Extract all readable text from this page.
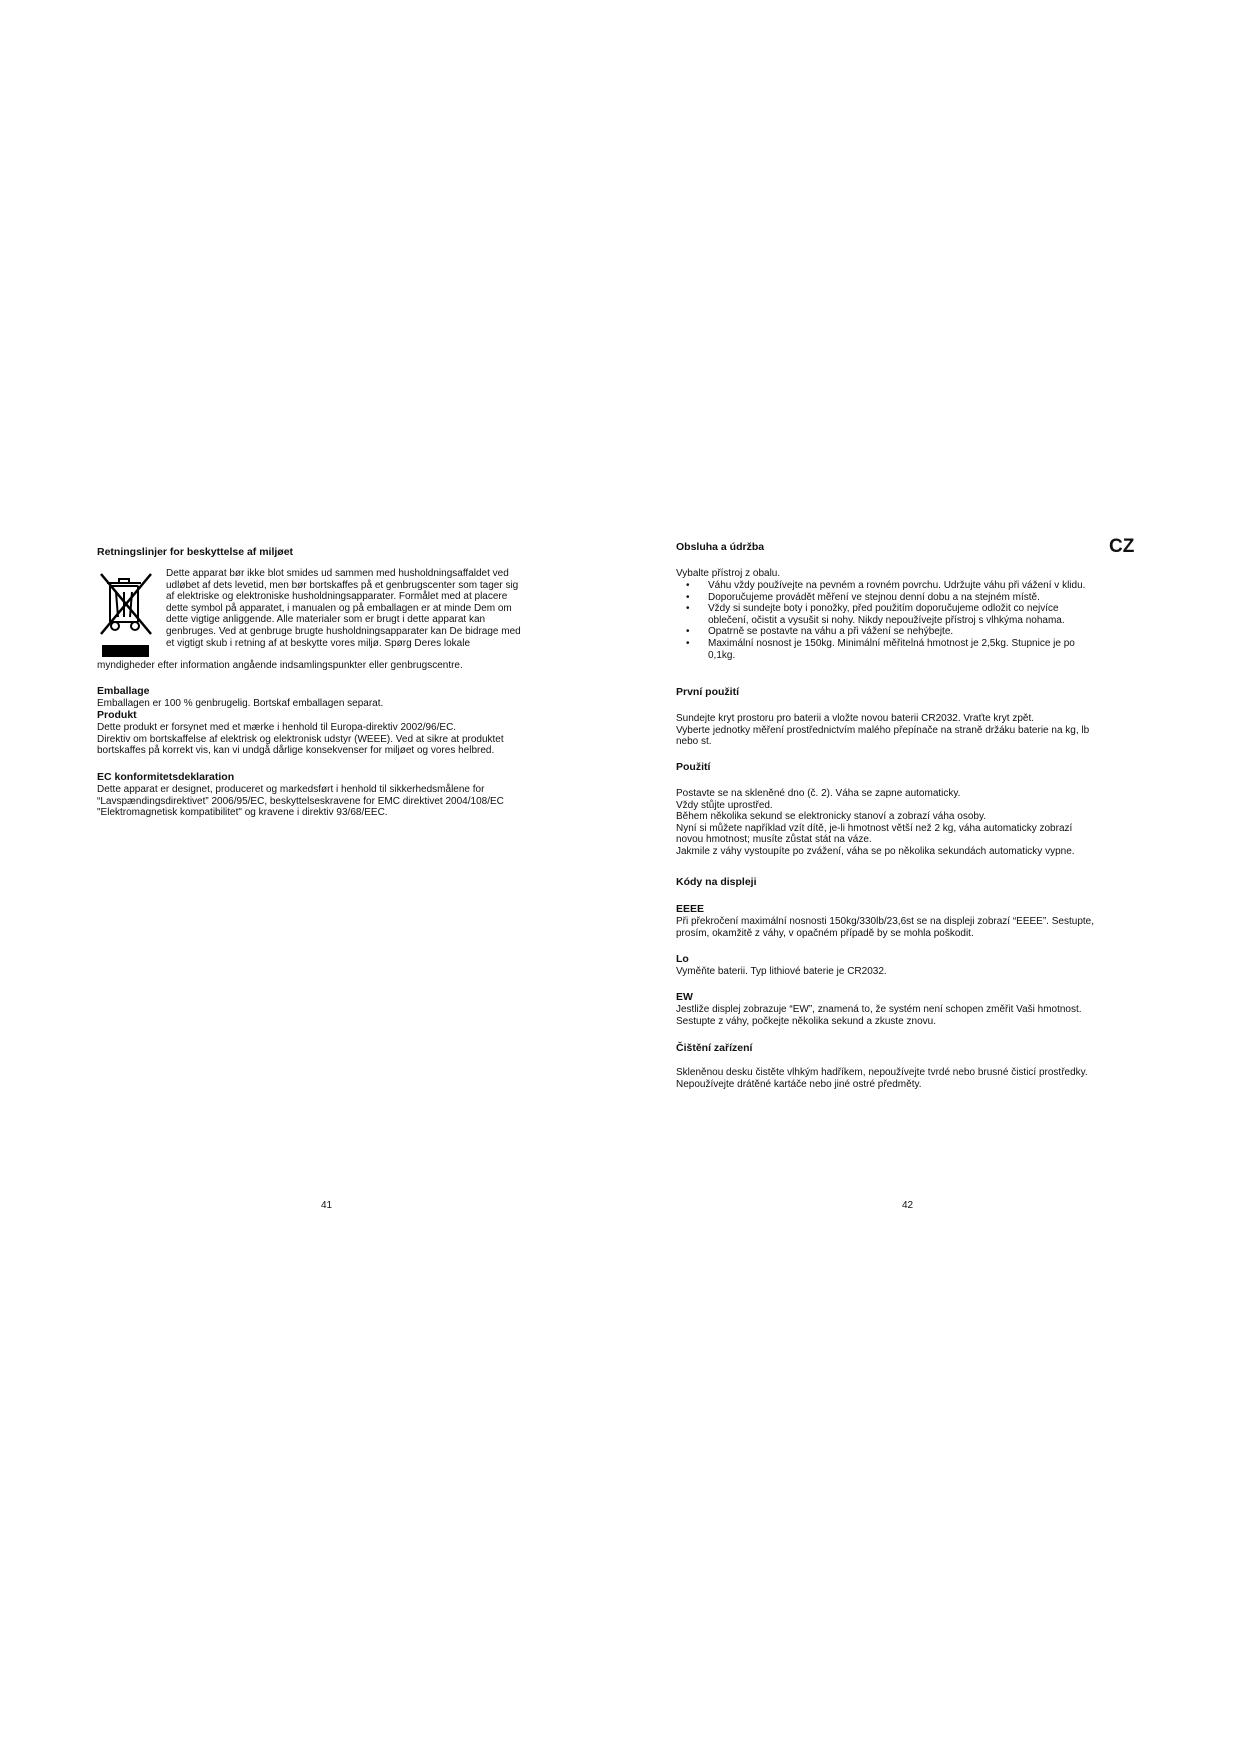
Retningslinjer for beskyttelse af miljøet
Dette apparat bør ikke blot smides ud sammen med husholdningsaffaldet ved
udløbet af dets levetid, men bør bortskaffes på et genbrugscenter som tager sig
af elektriske og elektroniske husholdningsapparater. Formålet med at placere
dette symbol på apparatet, i manualen og på emballagen er at minde Dem om
dette vigtige anliggende. Alle materialer som er brugt i dette apparat kan
genbruges. Ved at genbruge brugte husholdningsapparater kan De bidrage med
et vigtigt skub i retning af at beskytte vores miljø. Spørg Deres lokale
myndigheder efter information angående indsamlingspunkter eller genbrugscentre.
Emballage
Emballagen er 100 % genbrugelig. Bortskaf emballagen separat.
Produkt
Dette produkt er forsynet med et mærke i henhold til Europa-direktiv 2002/96/EC.
Direktiv om bortskaffelse af elektrisk og elektronisk udstyr (WEEE). Ved at sikre at produktet
bortskaffes på korrekt vis, kan vi undgå dårlige konsekvenser for miljøet og vores helbred.
EC konformitetsdeklaration
Dette apparat er designet, produceret og markedsført i henhold til sikkerhedsmålene for
“Lavspændingsdirektivet” 2006/95/EC, beskyttelseskravene for EMC direktivet 2004/108/EC
"Elektromagnetisk kompatibilitet" og kravene i direktiv 93/68/EEC.
41
CZ
Obsluha a údržba
Vybalte přístroj z obalu.
• Váhu vždy používejte na pevném a rovném povrchu. Udržujte váhu při vážení v klidu.
• Doporučujeme provádět měření ve stejnou denní dobu a na stejném místě.
• Vždy si sundejte boty i ponožky, před použitím doporučujeme odložit co nejvíce
oblečení, očistit a vysušit si nohy. Nikdy nepoužívejte přístroj s vlhkýma nohama.
• Opatrně se postavte na váhu a při vážení se nehýbejte.
• Maximální nosnost je 150kg. Minimální měřitelná hmotnost je 2,5kg. Stupnice je po
0,1kg.
První použití
Sundejte kryt prostoru pro baterii a vložte novou baterii CR2032. Vraťte kryt zpět.
Vyberte jednotky měření prostřednictvím malého přepínače na straně držáku baterie na kg, lb
nebo st.
Použití
Postavte se na skleněné dno (č. 2). Váha se zapne automaticky.
Vždy stůjte uprostřed.
Během několika sekund se elektronicky stanoví a zobrazí váha osoby.
Nyní si můžete například vzít dítě, je-li hmotnost větší než 2 kg, váha automaticky zobrazí
novou hmotnost; musíte zůstat stát na váze.
Jakmile z váhy vystoupíte po zvážení, váha se po několika sekundách automaticky vypne.
Kódy na displeji
EEEE
Při překročení maximální nosnosti 150kg/330lb/23,6st se na displeji zobrazí “EEEE”. Sestupte,
prosím, okamžitě z váhy, v opačném případě by se mohla poškodit.
Lo
Vyměňte baterii. Typ lithiové baterie je CR2032.
EW
Jestliže displej zobrazuje “EW”, znamená to, že systém není schopen změřit Vaši hmotnost.
Sestupte z váhy, počkejte několika sekund a zkuste znovu.
Čištění zařízení
Skleněnou desku čistěte vlhkým hadříkem, nepoužívejte tvrdé nebo brusné čisticí prostředky.
Nepoužívejte drátěné kartáče nebo jiné ostré předměty.
42
